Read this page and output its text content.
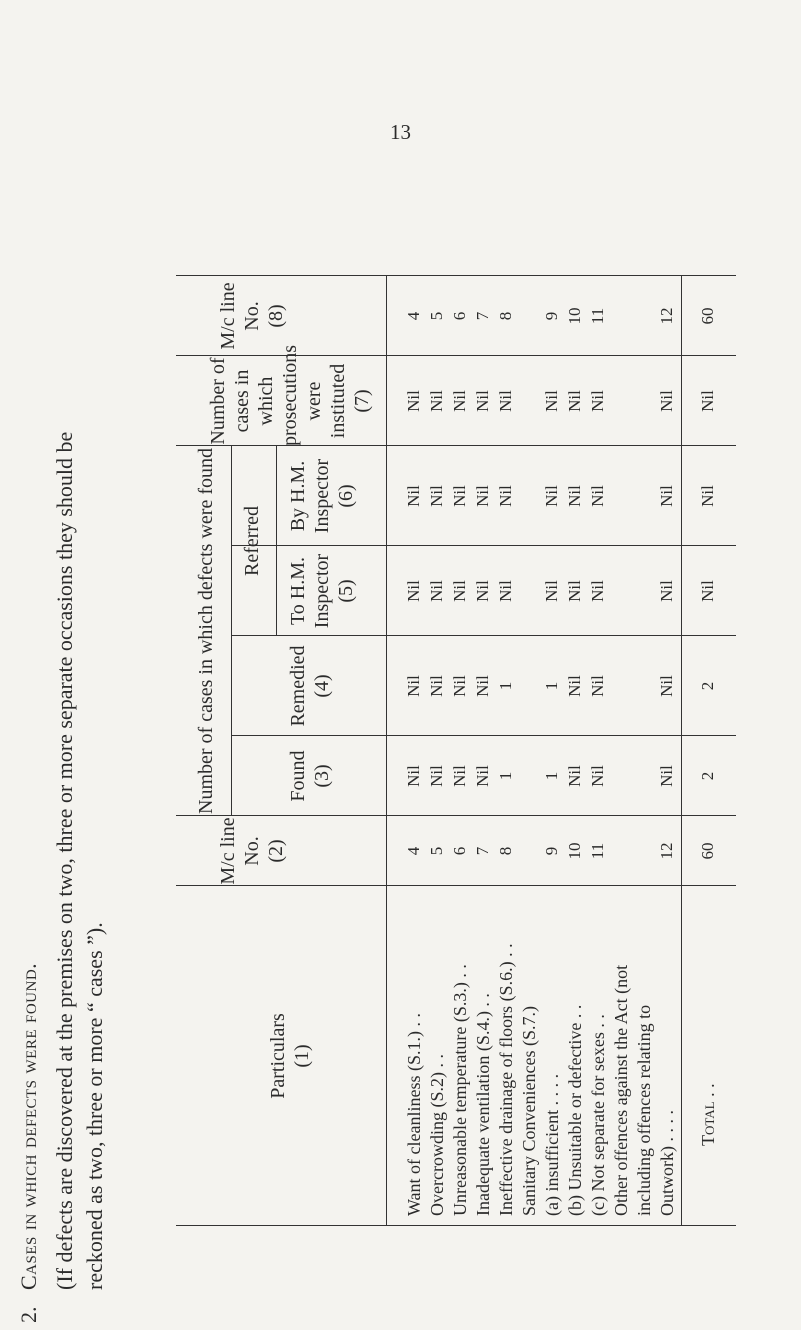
13
2.
Cases in which defects were found. (If defects are discovered at the premises on two, three or more separate occasions they should be reckoned as two, three or more “ cases ”).
Number of cases in which defects were found Referred
Particulars (1)
M/c line No. (2)
Found (3)
Remedied (4)
To H.M. Inspector (5)
By H.M. Inspector (6)
Number of cases in which prosecutions were instituted (7)
M/c line No. (8)
Want of cleanliness (S.1.) . .
4
Nil
Nil
Nil
Nil
Nil
4
Overcrowding (S.2) . .
5
Nil
Nil
Nil
Nil
Nil
5
Unreasonable temperature (S.3.) . .
6
Nil
Nil
Nil
Nil
Nil
6
Inadequate ventilation (S.4.) . .
7
Nil
Nil
Nil
Nil
Nil
7
Ineffective drainage of floors (S.6.) . .
8
1
1
Nil
Nil
Nil
8
Sanitary Conveniences (S.7.) (a) insufficient . . . .
9
1
1
Nil
Nil
Nil
9
(b) Unsuitable or defective . .
10
Nil
Nil
Nil
Nil
Nil
10
(c) Not separate for sexes . .
11
Nil
Nil
Nil
Nil
Nil
11
Other offences against the Act (not including offences relating to Outwork) . . . .
12
Nil
Nil
Nil
Nil
Nil
12
Total . .
60
2
2
Nil
Nil
Nil
60
